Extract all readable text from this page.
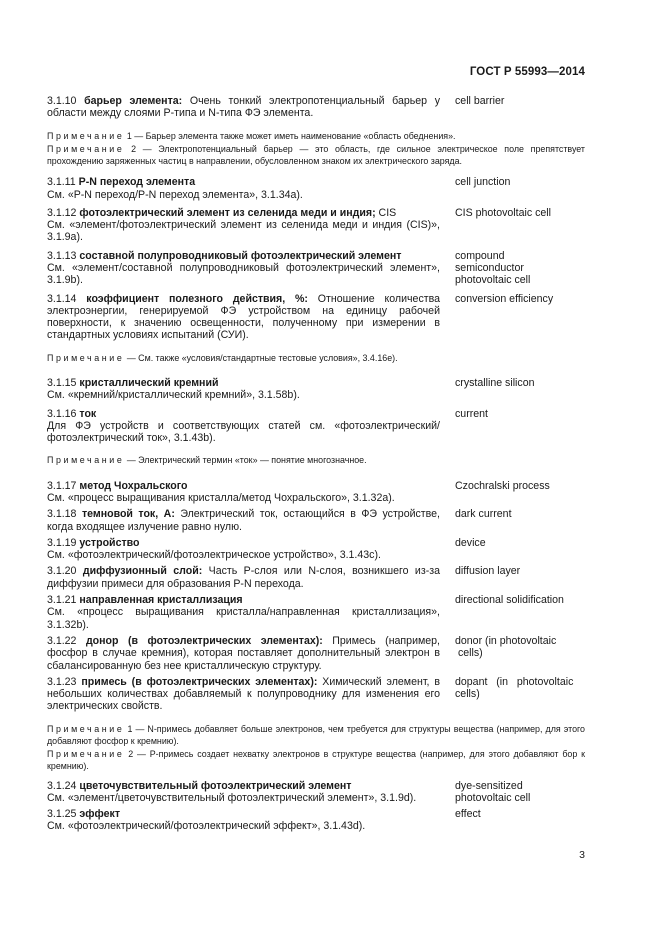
ГОСТ Р 55993—2014
3.1.10 барьер элемента: Очень тонкий электропотенциальный барьер у области между слоями P-типа и N-типа ФЭ элемента.
cell barrier
Примечание 1 — Барьер элемента также может иметь наименование «область обеднения».
Примечание 2 — Электропотенциальный барьер — это область, где сильное электрическое поле препятствует прохождению заряженных частиц в направлении, обусловленном знаком их электрического заряда.
3.1.11 P-N переход элемента
См. «P-N переход/P-N переход элемента», 3.1.34а).
cell junction
3.1.12 фотоэлектрический элемент из селенида меди и индия; CIS
См. «элемент/фотоэлектрический элемент из селенида меди и индия (CIS)», 3.1.9а).
CIS photovoltaic cell
3.1.13 составной полупроводниковый фотоэлектрический элемент
См. «элемент/составной полупроводниковый фотоэлектрический элемент», 3.1.9b).
compound
semiconductor
photovoltaic cell
3.1.14 коэффициент полезного действия, %: Отношение количества электроэнергии, генерируемой ФЭ устройством на единицу рабочей поверхности, к значению освещенности, полученному при измерении в стандартных условиях испытаний (СУИ).
conversion efficiency
Примечание — См. также «условия/стандартные тестовые условия», 3.4.16е).
3.1.15 кристаллический кремний
См. «кремний/кристаллический кремний», 3.1.58b).
crystalline silicon
3.1.16 ток
Для ФЭ устройств и соответствующих статей см. «фотоэлектрический/фотоэлектрический ток», 3.1.43b).
current
Примечание — Электрический термин «ток» — понятие многозначное.
3.1.17 метод Чохральского
См. «процесс выращивания кристалла/метод Чохральского», 3.1.32а).
Czochralski process
3.1.18 темновой ток, A: Электрический ток, остающийся в ФЭ устройстве, когда входящее излучение равно нулю.
dark current
3.1.19 устройство
См. «фотоэлектрический/фотоэлектрическое устройство», 3.1.43с).
device
3.1.20 диффузионный слой: Часть P-слоя или N-слоя, возникшего из-за диффузии примеси для образования P-N перехода.
diffusion layer
3.1.21 направленная кристаллизация
См. «процесс выращивания кристалла/направленная кристаллизация», 3.1.32b).
directional solidification
3.1.22 донор (в фотоэлектрических элементах): Примесь (например, фосфор в случае кремния), которая поставляет дополнительный электрон в сбалансированную без нее кристаллическую структуру.
donor (in photovoltaic
cells)
3.1.23 примесь (в фотоэлектрических элементах): Химический элемент, в небольших количествах добавляемый к полупроводнику для изменения его электрических свойств.
dopant   (in   photovoltaic
cells)
Примечание 1 — N-примесь добавляет больше электронов, чем требуется для структуры вещества (например, для этого добавляют фосфор к кремнию).
Примечание 2 — P-примесь создает нехватку электронов в структуре вещества (например, для этого добавляют бор к кремнию).
3.1.24 цветочувствительный фотоэлектрический элемент
См. «элемент/цветочувствительный фотоэлектрический элемент», 3.1.9d).
dye-sensitized
photovoltaic cell
3.1.25 эффект
См. «фотоэлектрический/фотоэлектрический эффект», 3.1.43d).
effect
3
